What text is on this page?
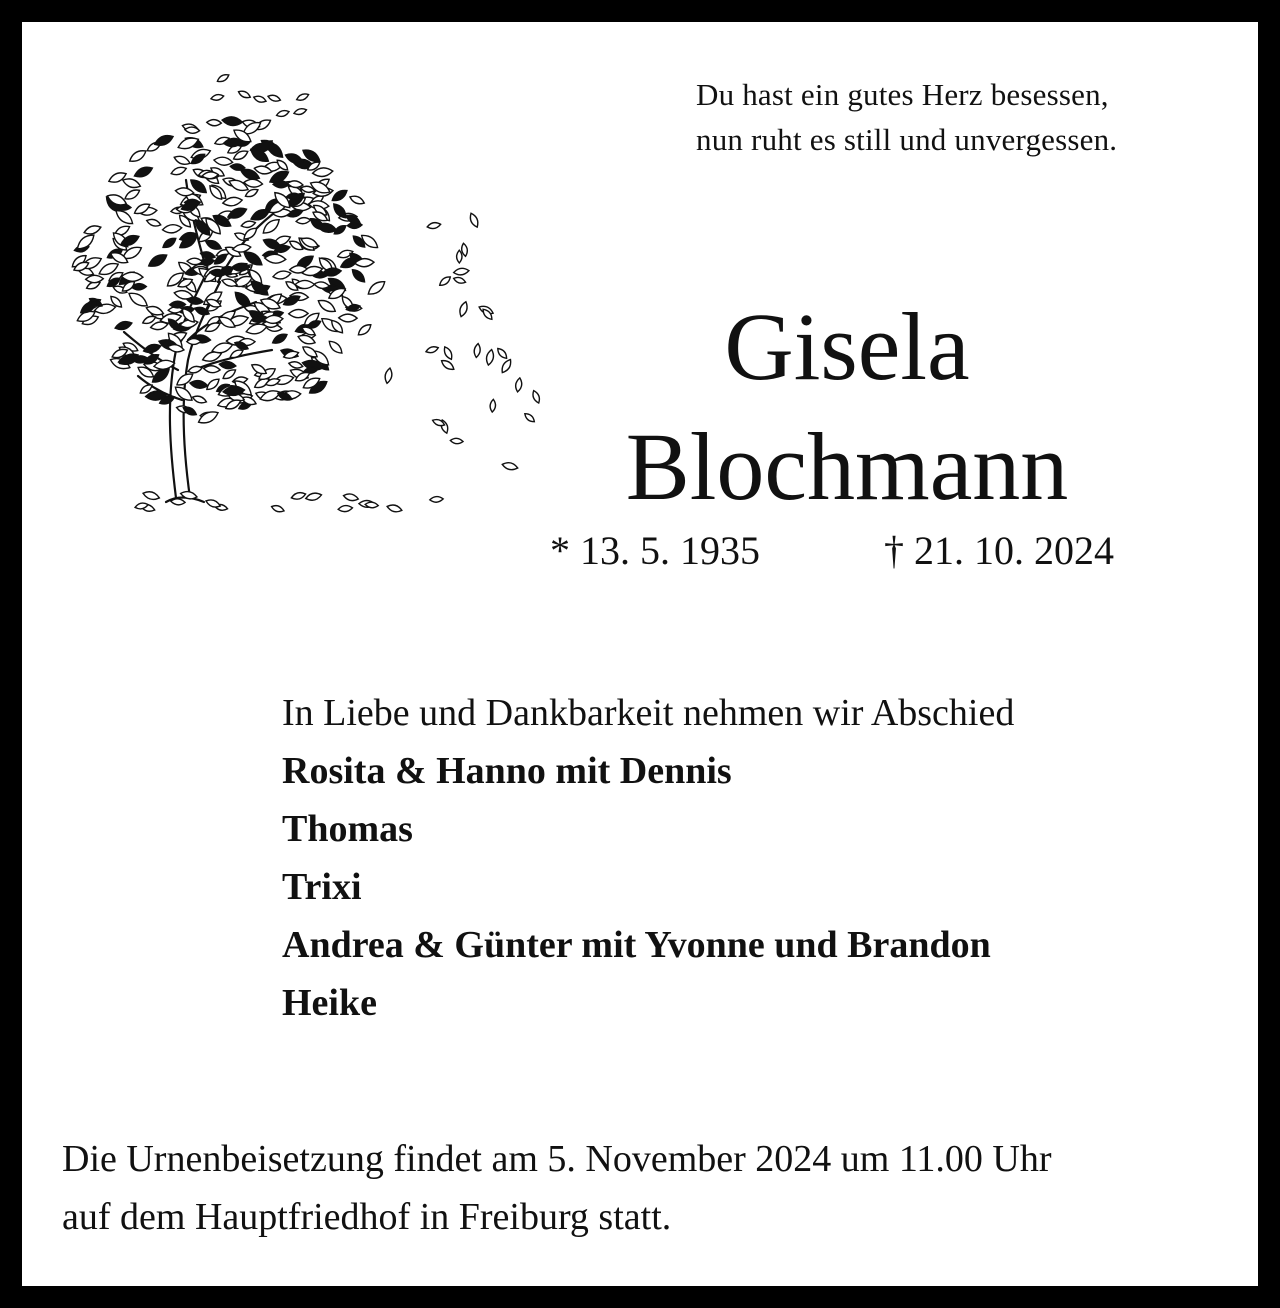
Du hast ein gutes Herz besessen,
nun ruht es still und unvergessen.
Gisela
Blochmann
* 13. 5. 1935	† 21. 10. 2024
In Liebe und Dankbarkeit nehmen wir Abschied
Rosita & Hanno mit Dennis
Thomas
Trixi
Andrea & Günter mit Yvonne und Brandon
Heike
Die Urnenbeisetzung findet am 5. November 2024 um 11.00 Uhr
auf dem Hauptfriedhof in Freiburg statt.
